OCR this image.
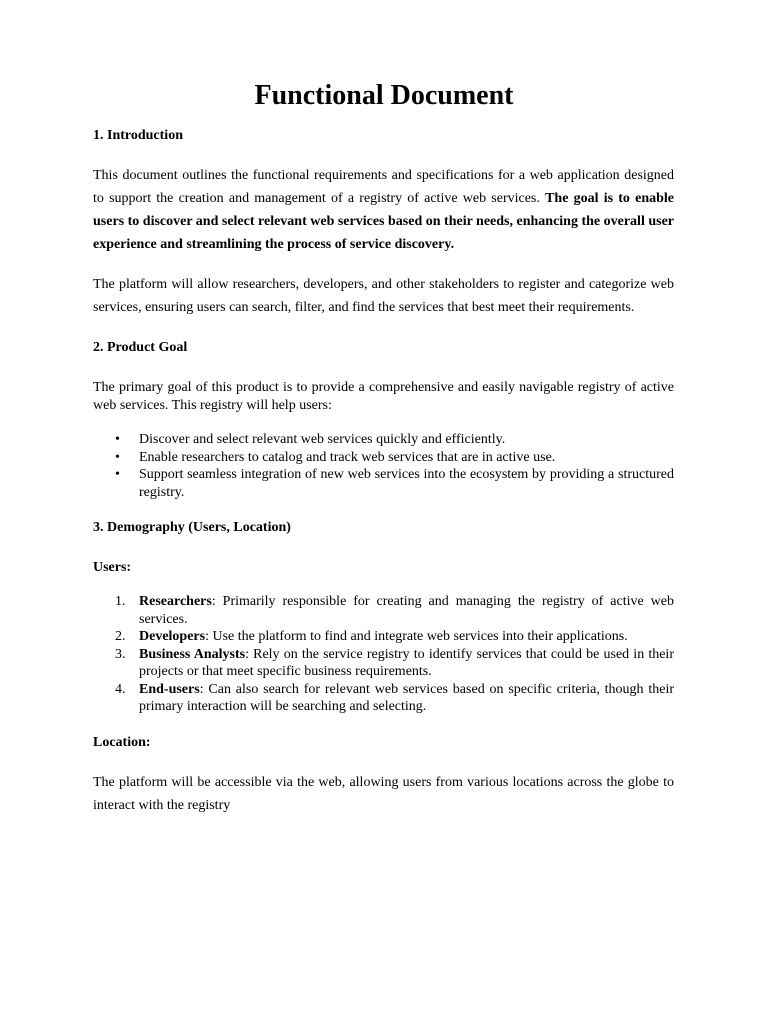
Functional Document
1. Introduction

This document outlines the functional requirements and specifications for a web application designed to support the creation and management of a registry of active web services. The goal is to enable users to discover and select relevant web services based on their needs, enhancing the overall user experience and streamlining the process of service discovery.

The platform will allow researchers, developers, and other stakeholders to register and categorize web services, ensuring users can search, filter, and find the services that best meet their requirements.

2. Product Goal

The primary goal of this product is to provide a comprehensive and easily navigable registry of active web services. This registry will help users:

• Discover and select relevant web services quickly and efficiently.
• Enable researchers to catalog and track web services that are in active use.
• Support seamless integration of new web services into the ecosystem by providing a structured registry.
3. Demography (Users, Location)
Users:
1. Researchers: Primarily responsible for creating and managing the registry of active web services.
2. Developers: Use the platform to find and integrate web services into their applications.
3. Business Analysts: Rely on the service registry to identify services that could be used in their projects or that meet specific business requirements.
4. End-users: Can also search for relevant web services based on specific criteria, though their primary interaction will be searching and selecting.
Location:

The platform will be accessible via the web, allowing users from various locations across the globe to interact with the registry
